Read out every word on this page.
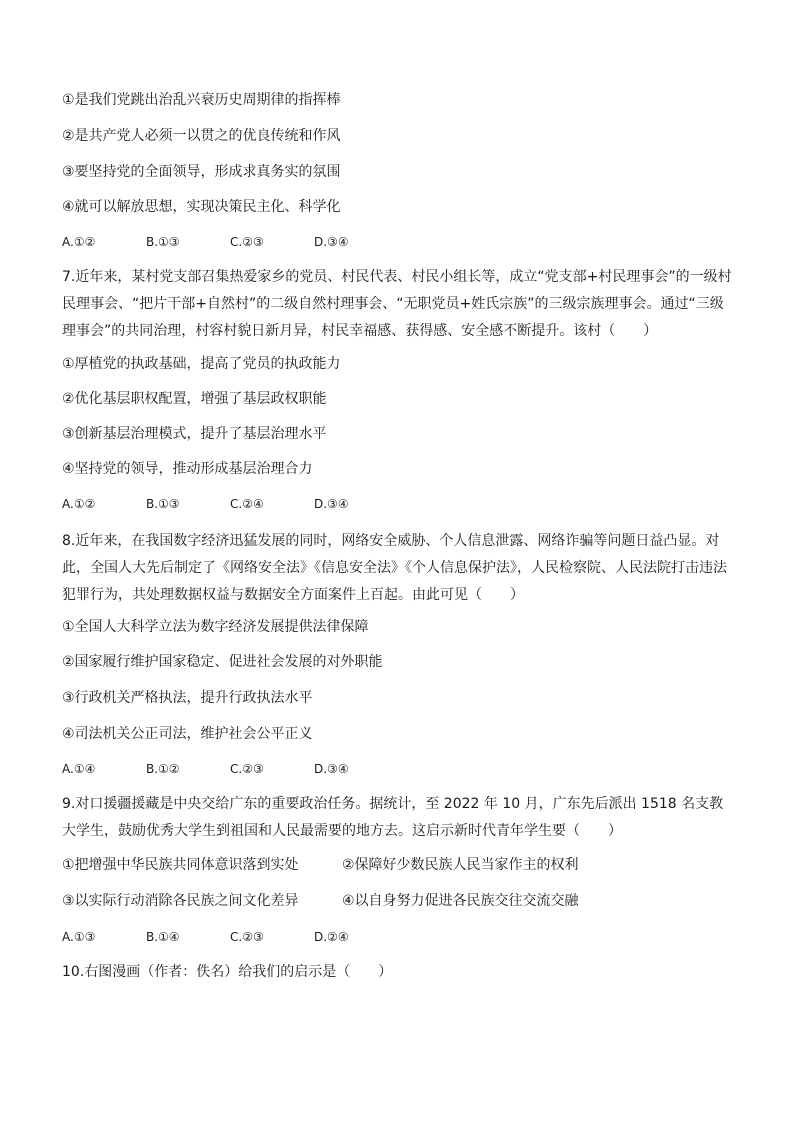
①是我们党跳出治乱兴衰历史周期律的指挥棒
②是共产党人必须一以贯之的优良传统和作风
③要坚持党的全面领导，形成求真务实的氛围
④就可以解放思想，实现决策民主化、科学化
A.①②	B.①③	C.②③	D.③④
7.近年来，某村党支部召集热爱家乡的党员、村民代表、村民小组长等，成立“党支部+村民理事会”的一级村民理事会、“把片干部+自然村”的二级自然村理事会、“无职党员+姓氏宗族”的三级宗族理事会。通过“三级理事会”的共同治理，村容村貌日新月异，村民幸福感、获得感、安全感不断提升。该村（　　）
①厚植党的执政基础，提高了党员的执政能力
②优化基层职权配置，增强了基层政权职能
③创新基层治理模式，提升了基层治理水平
④坚持党的领导，推动形成基层治理合力
A.①②	B.①③	C.②④	D.③④
8.近年来，在我国数字经济迅猛发展的同时，网络安全威胁、个人信息泄露、网络诈骗等问题日益凸显。对此，全国人大先后制定了《网络安全法》《信息安全法》《个人信息保护法》，人民检察院、人民法院打击违法犯罪行为，共处理数据权益与数据安全方面案件上百起。由此可见（　　）
①全国人大科学立法为数字经济发展提供法律保障
②国家履行维护国家稳定、促进社会发展的对外职能
③行政机关严格执法，提升行政执法水平
④司法机关公正司法，维护社会公平正义
A.①④	B.①②	C.②③	D.③④
9.对口援疆援藏是中央交给广东的重要政治任务。据统计，至 2022 年 10 月，广东先后派出 1518 名支教大学生，鼓励优秀大学生到祖国和人民最需要的地方去。这启示新时代青年学生要（　　）
①把增强中华民族共同体意识落到实处	②保障好少数民族人民当家作主的权利
③以实际行动消除各民族之间文化差异	④以自身努力促进各民族交往交流交融
A.①③	B.①④	C.②③	D.②④
10.右图漫画（作者：佚名）给我们的启示是（　　）
